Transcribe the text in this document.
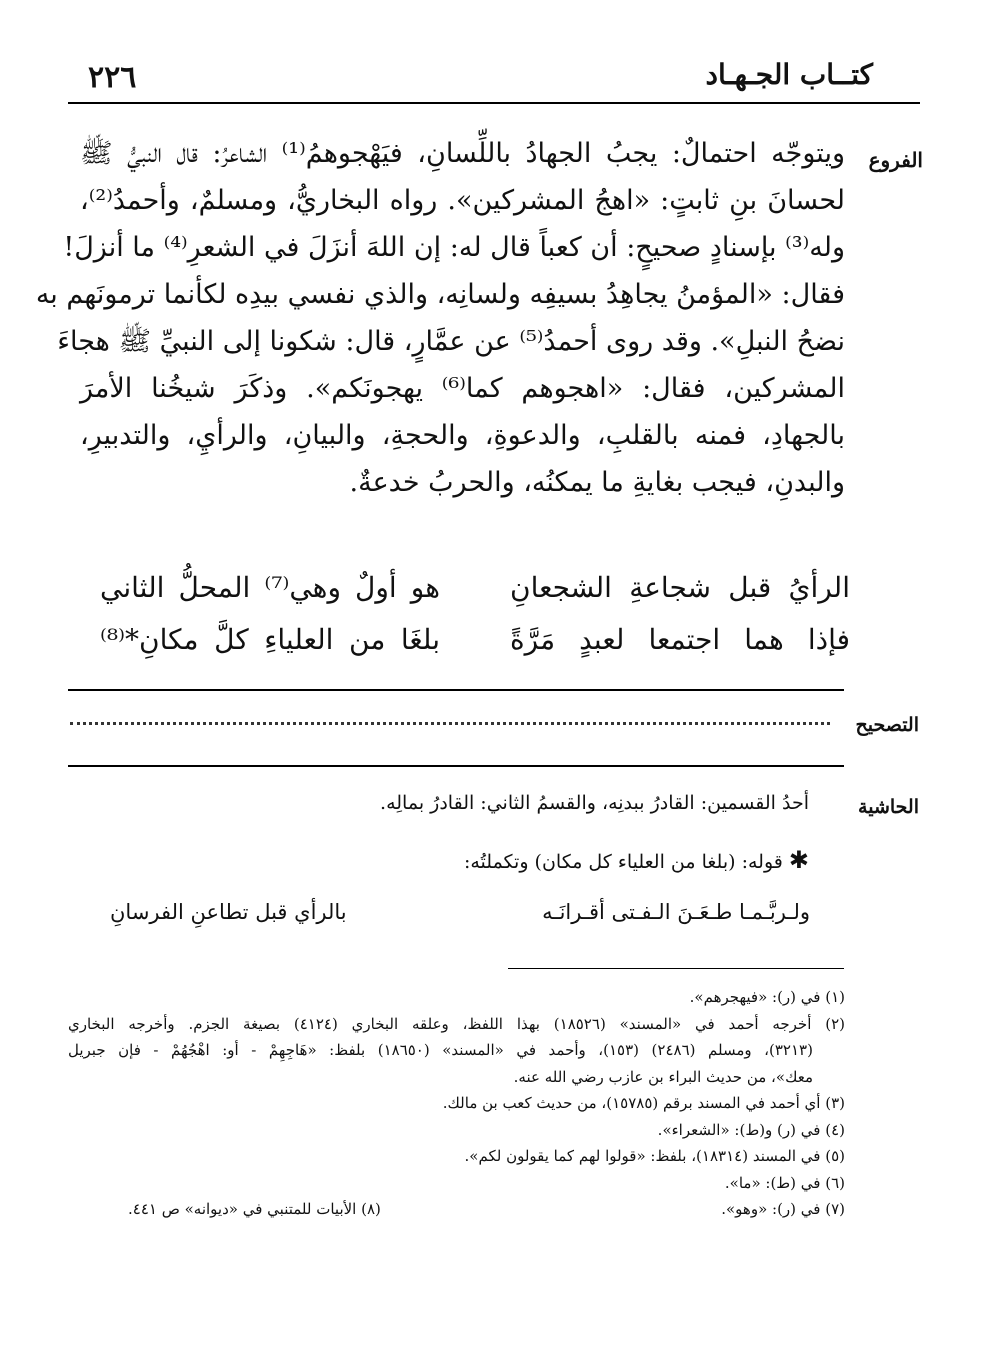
٢٢٦	كتــاب الجـهـاد
الفروع
ويتوجّه احتمالٌ: يجبُ الجهادُ باللِّسانِ، فيَهْجوهمُ⁽¹⁾ الشاعرُ: قال النبيُّ ﷺ
لحسانَ بنِ ثابتٍ: «اهجُ المشركين». رواه البخاريُّ، ومسلمٌ، وأحمدُ⁽²⁾،
وله⁽³⁾ بإسنادٍ صحيحٍ: أن كعباً قال له: إن اللهَ أنزَلَ في الشعرِ⁽⁴⁾ ما أنزلَ!
فقال: «المؤمنُ يجاهِدُ بسيفِه ولسانِه، والذي نفسي بيدِه لكأنما ترمونَهم به
نضحُ النبلِ». وقد روى أحمدُ⁽⁵⁾ عن عمَّارٍ، قال: شكونا إلى النبيِّ ﷺ هجاءَ
المشركين، فقال: «اهجوهم كما⁽⁶⁾ يهجونَكم». وذكَرَ شيخُنا الأمرَ
بالجهادِ، فمنه بالقلبِ، والدعوةِ، والحجةِ، والبيانِ، والرأيِ، والتدبيرِ،
والبدنِ، فيجب بغايةِ ما يمكنُه، والحربُ خدعةٌ.
الرأيُ قبل شجاعةِ الشجعانِ
هو أولٌ وهي⁽⁷⁾ المحلُّ الثاني
فإذا هما اجتمعا لعبدٍ مَرَّةً
بلغَا من العلياءِ كلَّ مكانِ*⁽⁸⁾
التصحيح
الحاشية
أحدُ القسمين: القادرُ ببدنِه، والقسمُ الثاني: القادرُ بمالِه.
✱ قوله: (بلغا من العلياء كل مكان) وتكملتُه:
ولـربَّـمـا طـعَـنَ الـفـتى أقـرانَـه
بالرأي قبل تطاعنِ الفرسانِ
(١) في (ر): «فيهجرهم».
(٢) أخرجه أحمد في «المسند» (١٨٥٢٦) بهذا اللفظ، وعلقه البخاري (٤١٢٤) بصيغة الجزم. وأخرجه البخاري
(٣٢١٣)، ومسلم (٢٤٨٦) (١٥٣)، وأحمد في «المسند» (١٨٦٥٠) بلفظ: «هَاجِهِمْ - أو: اهْجُهُمْ - فإن جبريل
معك»، من حديث البراء بن عازب رضي الله عنه.
(٣) أي أحمد في المسند برقم (١٥٧٨٥)، من حديث كعب بن مالك.
(٤) في (ر) و(ط): «الشعراء».
(٥) في المسند (١٨٣١٤)، بلفظ: «قولوا لهم كما يقولون لكم».
(٦) في (ط): «ما».
(٧) في (ر): «وهو».
(٨) الأبيات للمتنبي في «ديوانه» ص ٤٤١.
